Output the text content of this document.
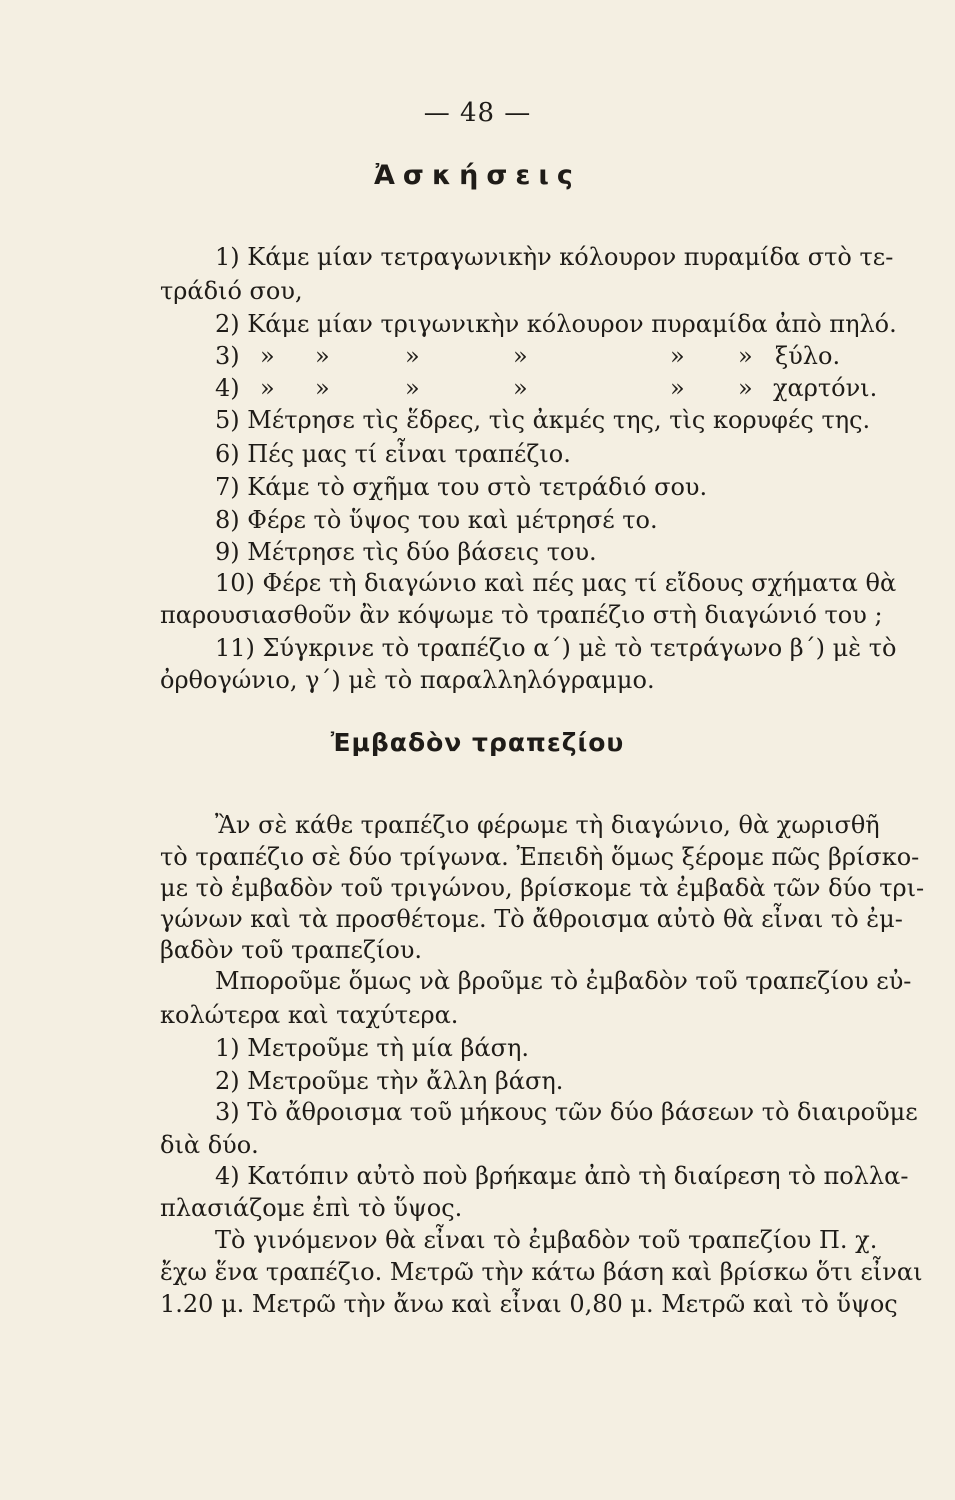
— 48 —
Ἀσκήσεις
1) Κάμε μίαν τετραγωνικὴν κόλουρον πυραμίδα στὸ τε-
τράδιό σου,
2) Κάμε μίαν τριγωνικὴν κόλουρον πυραμίδα ἀπὸ πηλό.
3) » »	»	»	» » ξύλο.
4) » »	»	»	» » χαρτόνι.
5) Μέτρησε τὶς ἕδρες, τὶς ἀκμές της, τὶς κορυφές της.
6) Πές μας τί εἶναι τραπέζιο.
7) Κάμε τὸ σχῆμα του στὸ τετράδιό σου.
8) Φέρε τὸ ὕψος του καὶ μέτρησέ το.
9) Μέτρησε τὶς δύο βάσεις του.
10) Φέρε τὴ διαγώνιο καὶ πές μας τί εἴδους σχήματα θὰ
παρουσιασθοῦν ἂν κόψωμε τὸ τραπέζιο στὴ διαγώνιό του ;
11) Σύγκρινε τὸ τραπέζιο α΄) μὲ τὸ τετράγωνο β΄) μὲ τὸ
ὀρθογώνιο, γ΄) μὲ τὸ παραλληλόγραμμο.
Ἐμβαδὸν τραπεζίου
Ἂν σὲ κάθε τραπέζιο φέρωμε τὴ διαγώνιο, θὰ χωρισθῆ
τὸ τραπέζιο σὲ δύο τρίγωνα. Ἐπειδὴ ὅμως ξέρομε πῶς βρίσκο-
με τὸ ἐμβαδὸν τοῦ τριγώνου, βρίσκομε τὰ ἐμβαδὰ τῶν δύο τρι-
γώνων καὶ τὰ προσθέτομε. Τὸ ἄθροισμα αὐτὸ θὰ εἶναι τὸ ἐμ-
βαδὸν τοῦ τραπεζίου.
Μποροῦμε ὅμως νὰ βροῦμε τὸ ἐμβαδὸν τοῦ τραπεζίου εὐ-
κολώτερα καὶ ταχύτερα.
1) Μετροῦμε τὴ μία βάση.
2) Μετροῦμε τὴν ἄλλη βάση.
3) Τὸ ἄθροισμα τοῦ μήκους τῶν δύο βάσεων τὸ διαιροῦμε
διὰ δύο.
4) Κατόπιν αὐτὸ ποὺ βρήκαμε ἀπὸ τὴ διαίρεση τὸ πολλα-
πλασιάζομε ἐπὶ τὸ ὕψος.
Τὸ γινόμενον θὰ εἶναι τὸ ἐμβαδὸν τοῦ τραπεζίου Π. χ.
ἔχω ἕνα τραπέζιο. Μετρῶ τὴν κάτω βάση καὶ βρίσκω ὅτι εἶναι
1.20 μ. Μετρῶ τὴν ἄνω καὶ εἶναι 0,80 μ. Μετρῶ καὶ τὸ ὕψος
